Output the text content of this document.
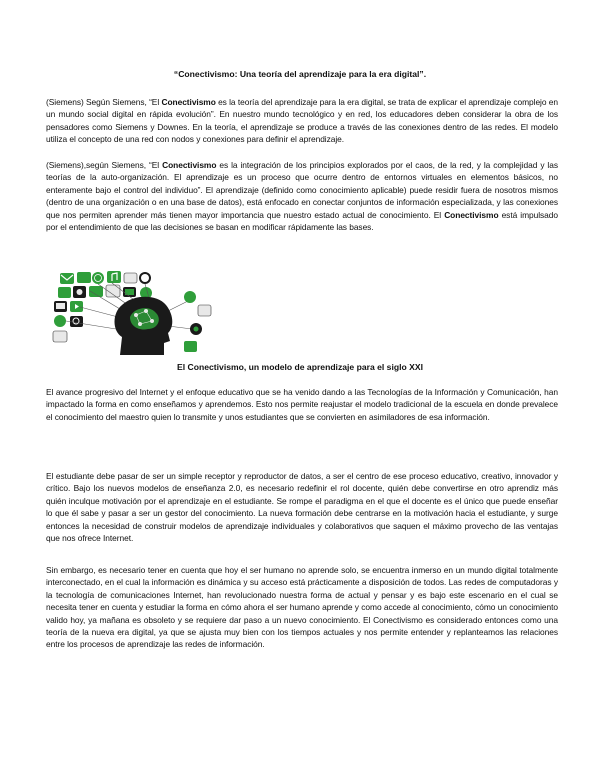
“Conectivismo: Una teoría del aprendizaje para la era digital”.

(Siemens) Según Siemens, “El Conectivismo es la teoría del aprendizaje para la era digital, se trata de explicar el aprendizaje complejo en un mundo social digital en rápida evolución”. En nuestro mundo tecnológico y en red, los educadores deben considerar la obra de los pensadores como Siemens y Downes. En la teoría, el aprendizaje se produce a través de las conexiones dentro de las redes. El modelo utiliza el concepto de una red con nodos y conexiones para definir el aprendizaje.

(Siemens),según Siemens, “El Conectivismo es la integración de los principios explorados por el caos, de la red, y la complejidad y las teorías de la auto-organización. El aprendizaje es un proceso que ocurre dentro de entornos virtuales en elementos básicos, no enteramente bajo el control del individuo”. El aprendizaje (definido como conocimiento aplicable) puede residir fuera de nosotros mismos (dentro de una organización o en una base de datos), está enfocado en conectar conjuntos de información especializada, y las conexiones que nos permiten aprender más tienen mayor importancia que nuestro estado actual de conocimiento. El Conectivismo está impulsado por el entendimiento de que las decisiones se basan en modificar rápidamente las bases.

El Conectivismo, un modelo de aprendizaje para el siglo XXI

El avance progresivo del Internet y el enfoque educativo que se ha venido dando a las Tecnologías de la Información y Comunicación, han impactado la forma en como enseñamos y aprendemos. Esto nos permite reajustar el modelo tradicional de la escuela en donde prevalece el conocimiento del maestro quien lo transmite y unos estudiantes que se convierten en asimiladores de esa información.

El estudiante debe pasar de ser un simple receptor y reproductor de datos, a ser el centro de ese proceso educativo, creativo, innovador y crítico. Bajo los nuevos modelos de enseñanza 2.0, es necesario redefinir el rol docente, quién debe convertirse en otro aprendiz más quién inculque motivación por el aprendizaje en el estudiante. Se rompe el paradigma en el que el docente es el único que puede enseñar lo que él sabe y pasar a ser un gestor del conocimiento. La nueva formación debe centrarse en la motivación hacia el estudiante, y surge entonces la necesidad de construir modelos de aprendizaje individuales y colaborativos que saquen el máximo provecho de las ventajas que nos ofrece Internet.

Sin embargo, es necesario tener en cuenta que hoy el ser humano no aprende solo, se encuentra inmerso en un mundo digital totalmente interconectado, en el cual la información es dinámica y su acceso está prácticamente a disposición de todos. Las redes de computadoras y la tecnología de comunicaciones Internet, han revolucionado nuestra forma de actual y pensar y es bajo este escenario en el cual se necesita tener en cuenta y estudiar la forma en cómo ahora el ser humano aprende y como accede al conocimiento, cómo un conocimiento valido hoy, ya mañana es obsoleto y se requiere dar paso a un nuevo conocimiento. El Conectivismo es considerado entonces como una teoría de la nueva era digital, ya que se ajusta muy bien con los tiempos actuales y nos permite entender y replanteamos las relaciones entre los procesos de aprendizaje las redes de información.
